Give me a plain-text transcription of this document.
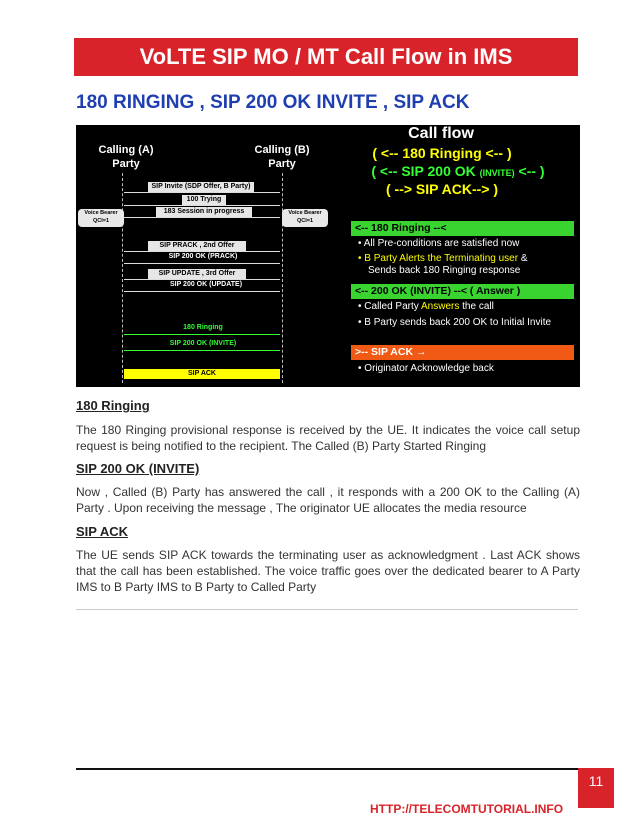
VoLTE SIP MO / MT Call Flow in IMS
180 RINGING , SIP 200 OK INVITE , SIP ACK
Calling (A)
Party
Calling (B)
Party
Voice Bearer
QCI=1
Voice Bearer
QCI=1
SIP Invite (SDP Offer, B Party)
100 Trying
183 Session in progress
SIP PRACK , 2nd Offer
SIP 200 OK (PRACK)
SIP UPDATE , 3rd Offer
SIP 200 OK (UPDATE)
180 Ringing
SIP 200 OK (INVITE)
SIP ACK
Call flow
( <-- 180 Ringing <-- )
( <-- SIP 200 OK (INVITE) <-- )
( --> SIP ACK--> )
<-- 180 Ringing --<
• All Pre-conditions are satisfied now
• B Party Alerts the Terminating user &
Sends back 180 Ringing response
<-- 200 OK (INVITE) --< ( Answer )
• Called Party Answers the call
• B Party sends back 200 OK to Initial Invite
>-- SIP ACK →
• Originator Acknowledge back
180 Ringing
The 180 Ringing provisional response is received by the UE. It indicates the voice call setup request is being notified to the recipient. The Called (B) Party Started Ringing
SIP 200 OK (INVITE)
Now , Called (B) Party has answered the call , it responds with a 200 OK to the Calling (A) Party . Upon receiving the message , The originator UE allocates the media resource
SIP ACK
The UE sends SIP ACK towards the terminating user as acknowledgment . Last ACK shows that the call has been established. The voice traffic goes over the dedicated bearer to A Party IMS to B Party IMS to B Party to Called Party
HTTP://TELECOMTUTORIAL.INFO
11
